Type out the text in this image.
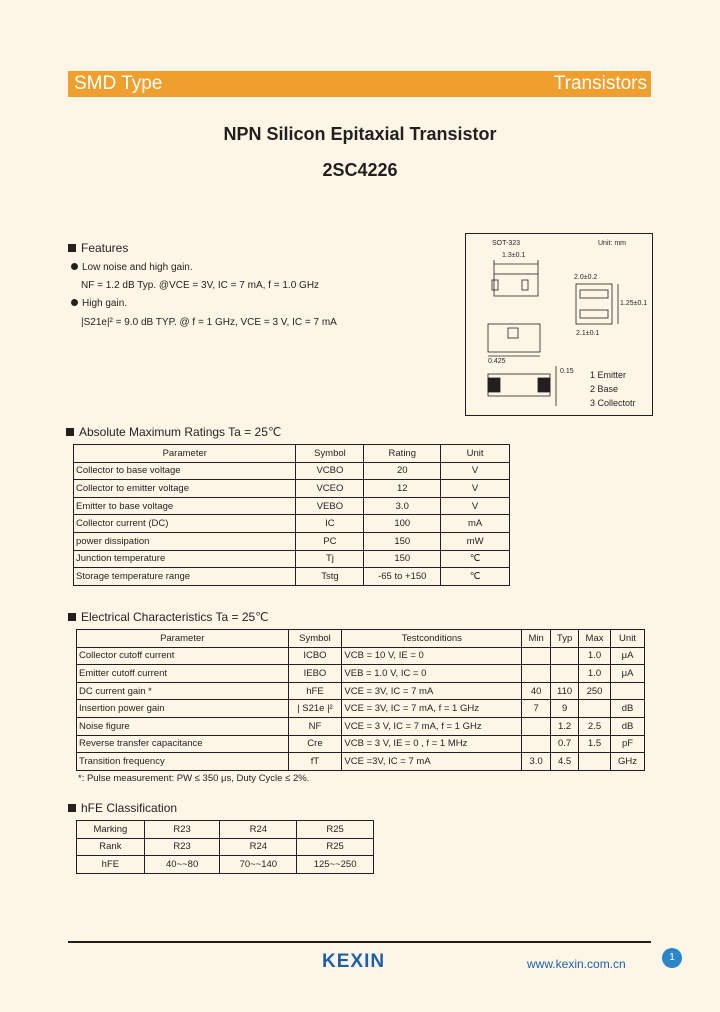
SMD Type	Transistors
NPN Silicon Epitaxial Transistor
2SC4226
Features
Low noise and high gain.
NF = 1.2 dB Typ. @VCE = 3V, IC = 7 mA, f = 1.0 GHz
High gain.
|S21e|² = 9.0 dB TYP. @ f = 1 GHz, VCE = 3 V, IC = 7 mA
SOT-323	Unit: mm
1.3±0.1
2.0±0.2
0.425
2.1±0.1
1.25±0.1
0.15 1 Emitter
2 Base
3 Collectotr
Absolute Maximum Ratings Ta = 25℃
Parameter	Symbol	Rating	Unit
Collector to base voltage	VCBO	20	V
Collector to emitter voltage	VCEO	12	V
Emitter to base voltage	VEBO	3.0	V
Collector current (DC)	IC	100	mA
power dissipation	PC	150	mW
Junction temperature	Tj	150	℃
Storage temperature range	Tstg	-65 to +150	℃
Electrical Characteristics Ta = 25℃
Parameter	Symbol	Testconditions	Min	Typ	Max	Unit
Collector cutoff current	ICBO	VCB = 10 V, IE = 0			1.0	μA
Emitter cutoff current	IEBO	VEB = 1.0 V, IC = 0			1.0	μA
DC current gain *	hFE	VCE = 3V, IC = 7 mA	40	110	250	
Insertion power gain	| S21e |²	VCE = 3V, IC = 7 mA, f = 1 GHz	7	9		dB
Noise figure	NF	VCE = 3 V, IC = 7 mA, f = 1 GHz		1.2	2.5	dB
Reverse transfer capacitance	Cre	VCB = 3 V, IE = 0 , f = 1 MHz		0.7	1.5	pF
Transition frequency	fT	VCE =3V, IC = 7 mA	3.0	4.5		GHz
*: Pulse measurement: PW ≤ 350 μs, Duty Cycle ≤ 2%.
hFE Classification
Marking	R23	R24	R25
Rank	R23	R24	R25
hFE	40~~80	70~~140	125~~250
KEXIN	www.kexin.com.cn	1
